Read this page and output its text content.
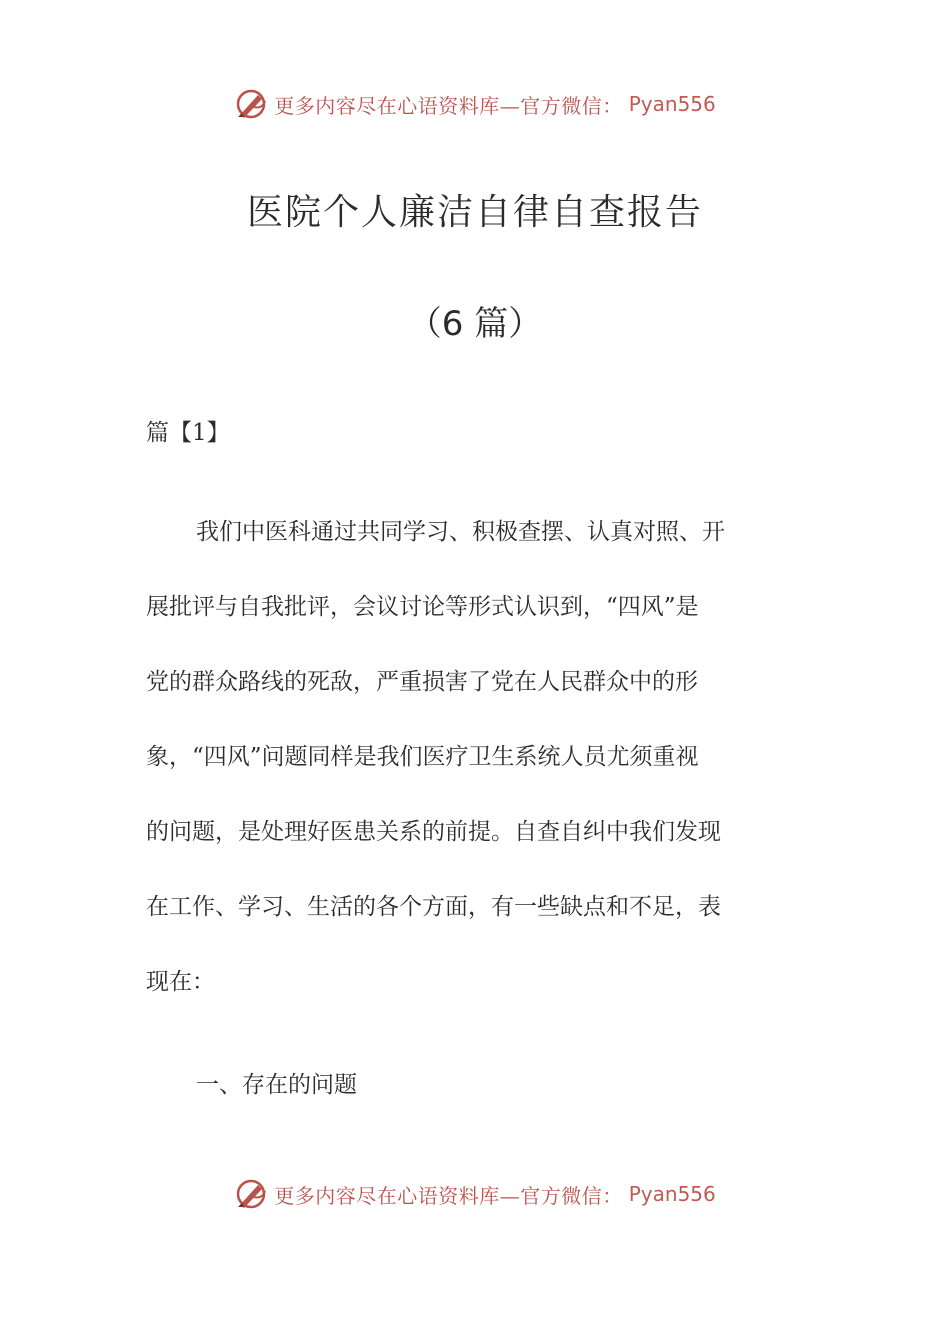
更多内容尽在心语资料库—官方微信： Pyan556
医院个人廉洁自律自查报告
（6 篇）
篇【1】
我们中医科通过共同学习、积极查摆、认真对照、开
展批评与自我批评，会议讨论等形式认识到，“四风”是
党的群众路线的死敌，严重损害了党在人民群众中的形
象，“四风”问题同样是我们医疗卫生系统人员尤须重视
的问题，是处理好医患关系的前提。自查自纠中我们发现
在工作、学习、生活的各个方面，有一些缺点和不足，表
现在：
一、存在的问题
更多内容尽在心语资料库—官方微信： Pyan556
